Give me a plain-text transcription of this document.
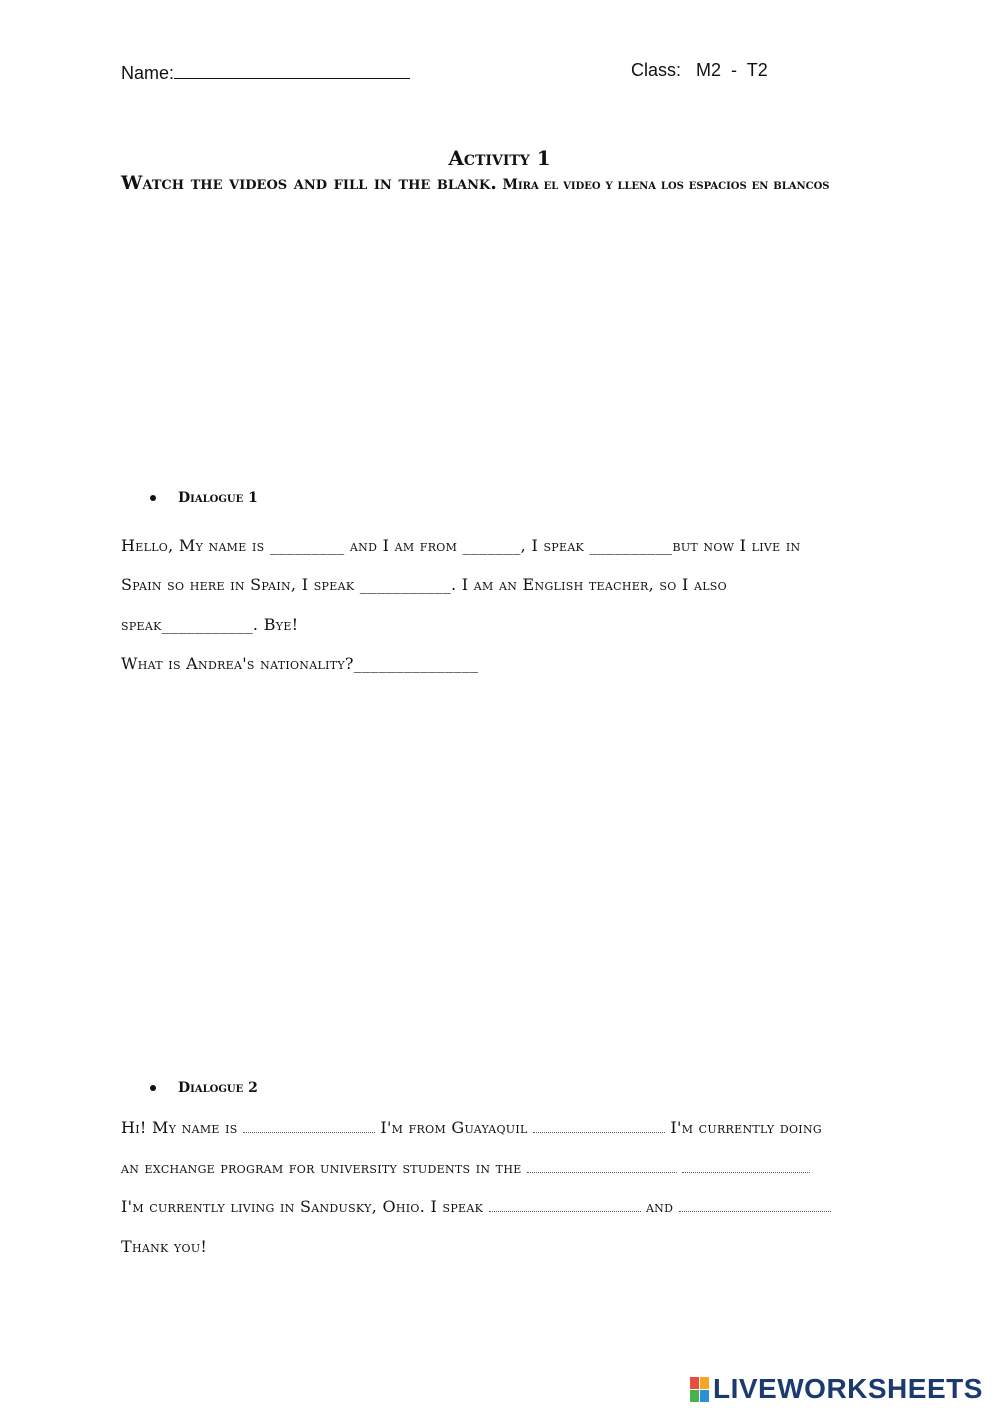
Name:	Class: M2  -  T2
Activity 1
Watch the videos and fill in the blank. Mira el video y llena los espacios en blancos
Dialogue 1
Hello, My name is _________ and I am from _______, I speak __________but now I live in
Spain so here in Spain, I speak ___________. I am an English teacher, so I also
speak___________. Bye!
What is Andrea's nationality?_______________
Dialogue 2
Hi! My name is	I'm from Guayaquil	I'm currently doing
an exchange program for university students in the
I'm currently living in Sandusky, Ohio. I speak	and
Thank you!
LIVEWORKSHEETS
